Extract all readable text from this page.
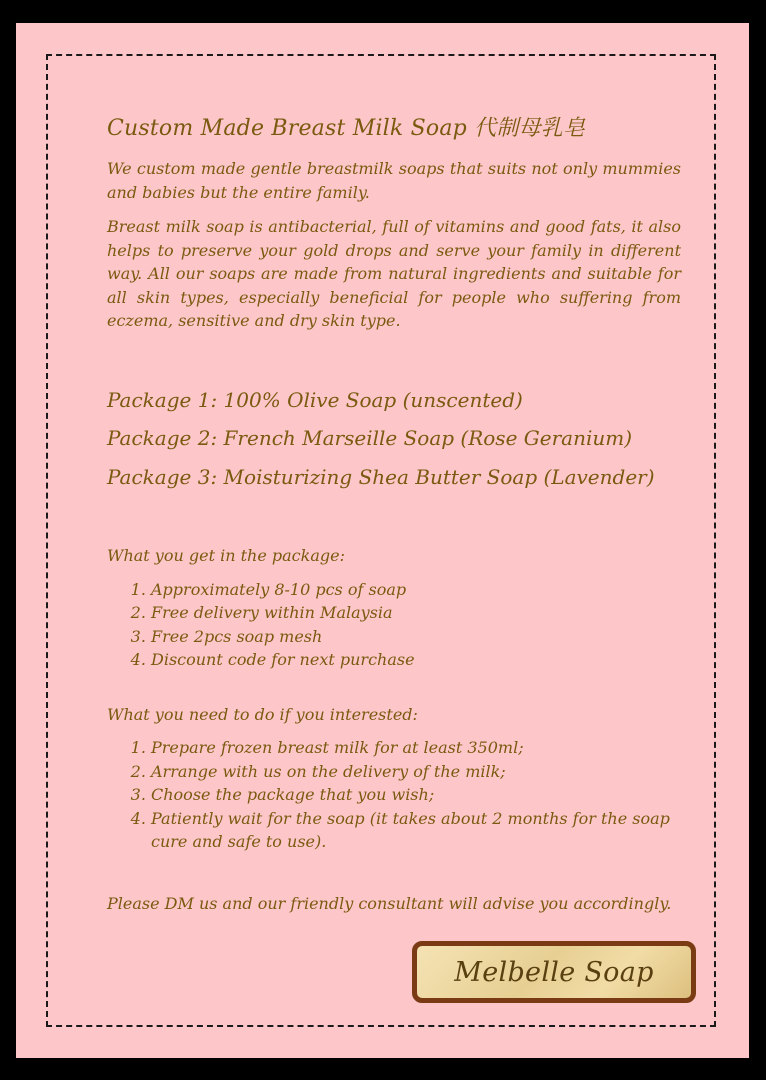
Custom Made Breast Milk Soap 代制母乳皂

We custom made gentle breastmilk soaps that suits not only mummies and babies but the entire family.

Breast milk soap is antibacterial, full of vitamins and good fats, it also helps to preserve your gold drops and serve your family in different way. All our soaps are made from natural ingredients and suitable for all skin types, especially beneficial for people who suffering from eczema, sensitive and dry skin type.

Package 1: 100% Olive Soap (unscented)
Package 2: French Marseille Soap (Rose Geranium)
Package 3: Moisturizing Shea Butter Soap (Lavender)
What you get in the package:
1. Approximately 8-10 pcs of soap
2. Free delivery within Malaysia
3. Free 2pcs soap mesh
4. Discount code for next purchase
What you need to do if you interested:
1. Prepare frozen breast milk for at least 350ml;
2. Arrange with us on the delivery of the milk;
3. Choose the package that you wish;
4. Patiently wait for the soap (it takes about 2 months for the soap cure and safe to use).

Please DM us and our friendly consultant will advise you accordingly.

Melbelle Soap
